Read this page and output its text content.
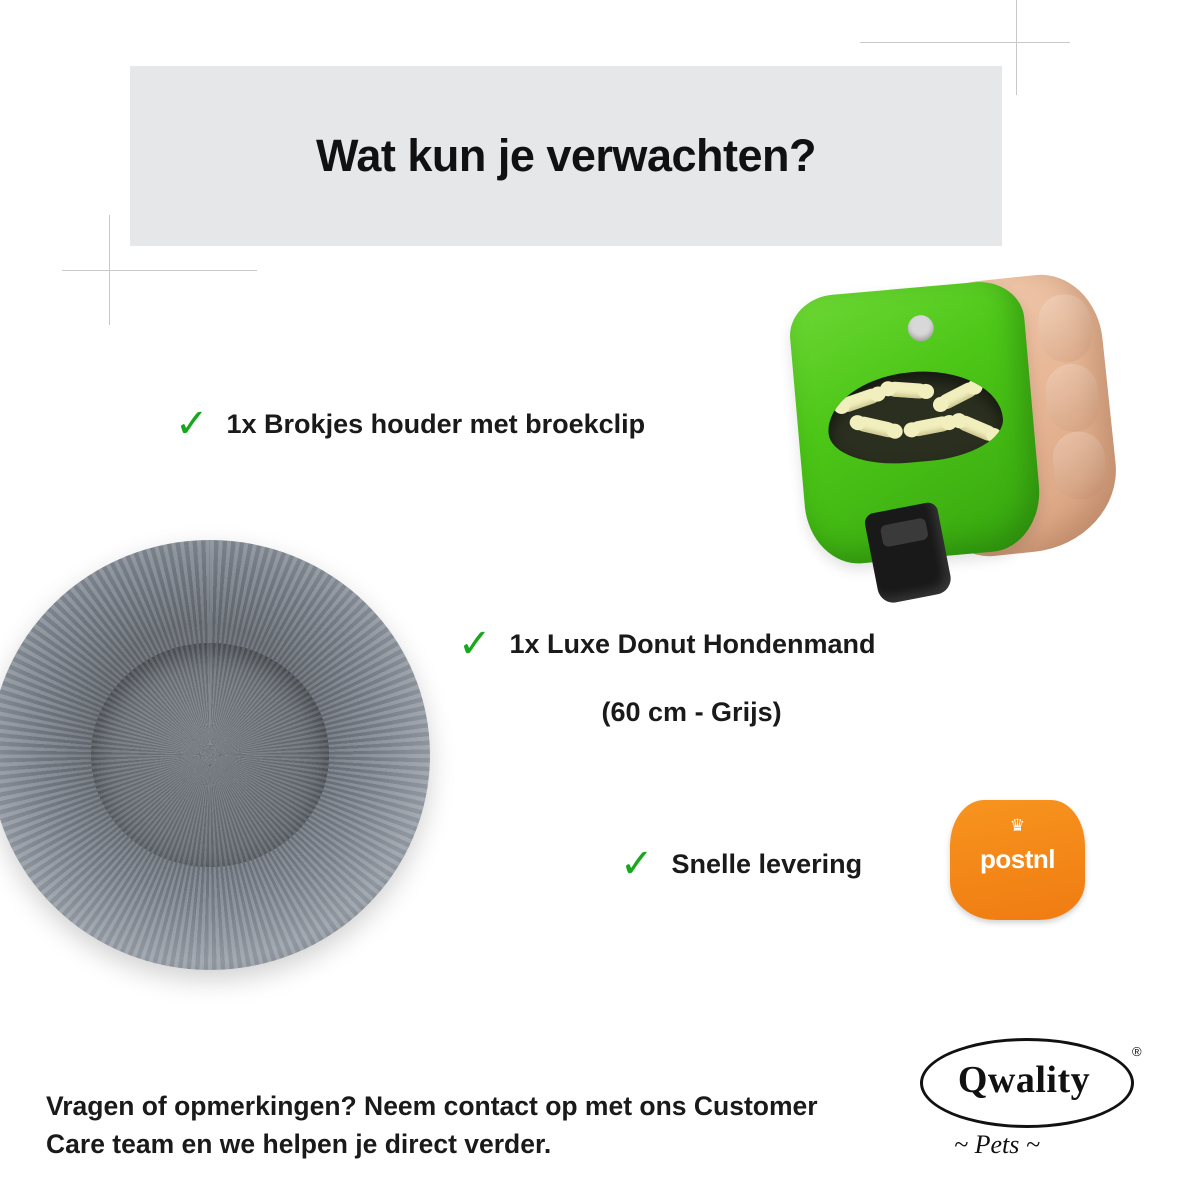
Wat kun je verwachten?
✓ 1x Brokjes houder met broekclip
✓ 1x Luxe Donut Hondenmand
(60 cm - Grijs)
✓ Snelle levering
♛
postnl
Vragen of opmerkingen? Neem contact op met ons Customer Care team en we helpen je direct verder.
Qwality
®
~ Pets ~
